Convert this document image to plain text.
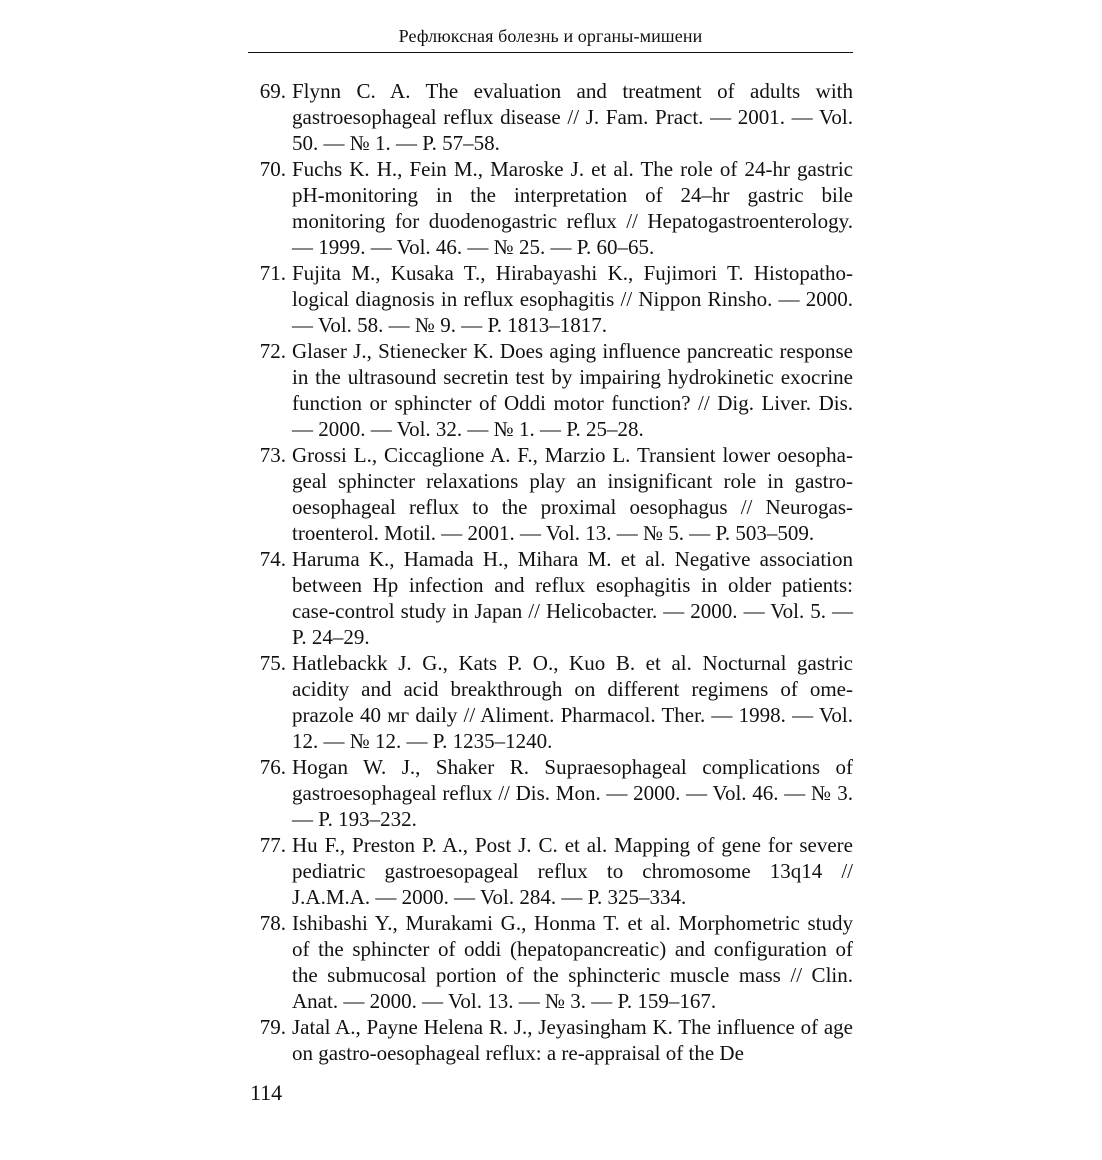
Рефлюксная болезнь и органы-мишени
69. Flynn C. A. The evaluation and treatment of adults with gastroesophageal reflux disease // J. Fam. Pract. — 2001. — Vol. 50. — № 1. — P. 57–58.
70. Fuchs K. H., Fein M., Maroske J. et al. The role of 24-hr gastric pH-monitoring in the interpretation of 24–hr gastric bile monitoring for duodenogastric reflux // Hepatogastroenterology. — 1999. — Vol. 46. — № 25. — P. 60–65.
71. Fujita M., Kusaka T., Hirabayashi K., Fujimori T. Histopathological diagnosis in reflux esophagitis // Nippon Rinsho. — 2000. — Vol. 58. — № 9. — P. 1813–1817.
72. Glaser J., Stienecker K. Does aging influence pancreatic response in the ultrasound secretin test by impairing hydrokinetic exocrine function or sphincter of Oddi motor function? // Dig. Liver. Dis. — 2000. — Vol. 32. — № 1. — P. 25–28.
73. Grossi L., Ciccaglione A. F., Marzio L. Transient lower oesophageal sphincter relaxations play an insignificant role in gastrooesophageal reflux to the proximal oesophagus // Neurogastroenterol. Motil. — 2001. — Vol. 13. — № 5. — P. 503–509.
74. Haruma K., Hamada H., Mihara M. et al. Negative association between Hp infection and reflux esophagitis in older patients: case-control study in Japan // Helicobacter. — 2000. — Vol. 5. — P. 24–29.
75. Hatlebackk J. G., Kats P. O., Kuo B. et al. Nocturnal gastric acidity and acid breakthrough on different regimens of omeprazole 40 мг daily // Aliment. Pharmacol. Ther. — 1998. — Vol. 12. — № 12. — P. 1235–1240.
76. Hogan W. J., Shaker R. Supraesophageal complications of gastroesophageal reflux // Dis. Mon. — 2000. — Vol. 46. — № 3. — P. 193–232.
77. Hu F., Preston P. A., Post J. C. et al. Mapping of gene for severe pediatric gastroesopageal reflux to chromosome 13q14 // J.A.M.A. — 2000. — Vol. 284. — P. 325–334.
78. Ishibashi Y., Murakami G., Honma T. et al. Morphometric study of the sphincter of oddi (hepatopancreatic) and configuration of the submucosal portion of the sphincteric muscle mass // Clin. Anat. — 2000. — Vol. 13. — № 3. — P. 159–167.
79. Jatal A., Payne Helena R. J., Jeyasingham K. The influence of age on gastro-oesophageal reflux: a re-appraisal of the De
114
